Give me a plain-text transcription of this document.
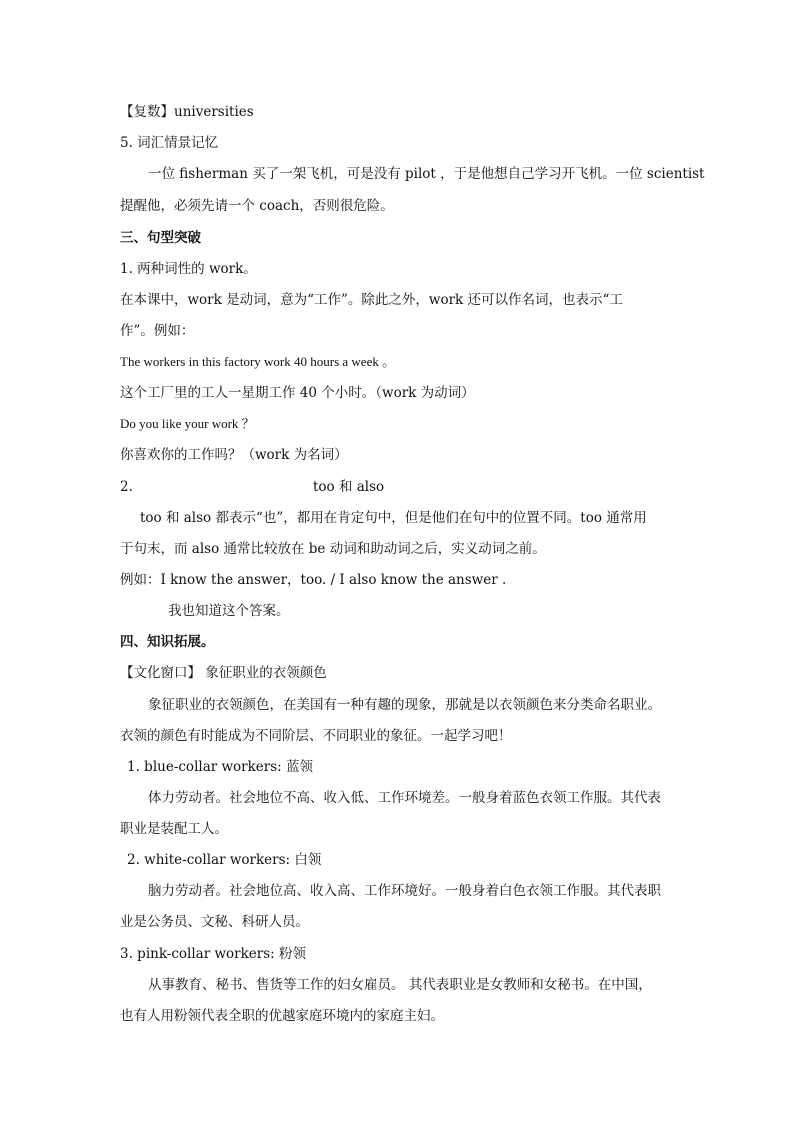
【复数】universities
5. 词汇情景记忆
一位 fisherman 买了一架飞机，可是没有 pilot ，于是他想自己学习开飞机。一位 scientist
提醒他，必须先请一个 coach，否则很危险。
三、句型突破
1. 两种词性的 work。
在本课中，work 是动词，意为“工作”。除此之外，work 还可以作名词，也表示“工
作”。例如：
The workers in this factory work 40 hours a week 。
这个工厂里的工人一星期工作 40 个小时。（work 为动词）
Do you like your work ？
你喜欢你的工作吗？（work 为名词）
2.	too 和 also
too 和 also 都表示“也”，都用在肯定句中，但是他们在句中的位置不同。too 通常用
于句末，而 also 通常比较放在 be 动词和助动词之后，实义动词之前。
例如：I know the answer，too. / I also know the answer .
我也知道这个答案。
四、知识拓展。
【文化窗口】 象征职业的衣领颜色
象征职业的衣领颜色，在美国有一种有趣的现象，那就是以衣领颜色来分类命名职业。
衣领的颜色有时能成为不同阶层、不同职业的象征。一起学习吧！
1. blue-collar workers: 蓝领
体力劳动者。社会地位不高、收入低、工作环境差。一般身着蓝色衣领工作服。其代表
职业是装配工人。
2. white-collar workers: 白领
脑力劳动者。社会地位高、收入高、工作环境好。一般身着白色衣领工作服。其代表职
业是公务员、文秘、科研人员。
3. pink-collar workers: 粉领
从事教育、秘书、售货等工作的妇女雇员。 其代表职业是女教师和女秘书。在中国，
也有人用粉领代表全职的优越家庭环境内的家庭主妇。
